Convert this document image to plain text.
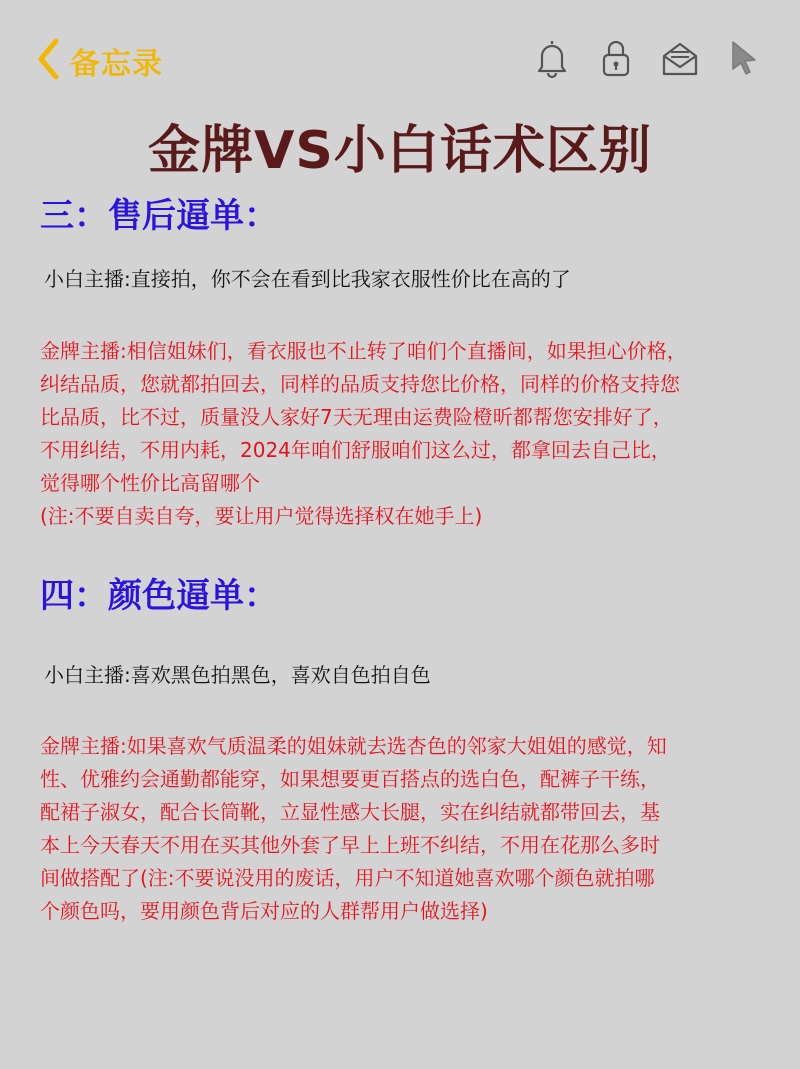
备忘录
金牌VS小白话术区别
三：售后逼单：
小白主播:直接拍，你不会在看到比我家衣服性价比在高的了

金牌主播:相信姐妹们，看衣服也不止转了咱们个直播间，如果担心价格，

纠结品质，您就都拍回去，同样的品质支持您比价格，同样的价格支持您

比品质，比不过，质量没人家好7天无理由运费险橙昕都帮您安排好了，

不用纠结，不用内耗，2024年咱们舒服咱们这么过，都拿回去自己比，

觉得哪个性价比高留哪个

(注:不要自卖自夸，要让用户觉得选择权在她手上)

四：颜色逼单：
小白主播:喜欢黑色拍黑色，喜欢自色拍自色

金牌主播:如果喜欢气质温柔的姐妹就去选杏色的邻家大姐姐的感觉，知

性、优雅约会通勤都能穿，如果想要更百搭点的选白色，配裤子干练，

配裙子淑女，配合长筒靴，立显性感大长腿，实在纠结就都带回去，基

本上今天春天不用在买其他外套了早上上班不纠结，不用在花那么多时

间做搭配了(注:不要说没用的废话，用户不知道她喜欢哪个颜色就拍哪

个颜色吗，要用颜色背后对应的人群帮用户做选择)
